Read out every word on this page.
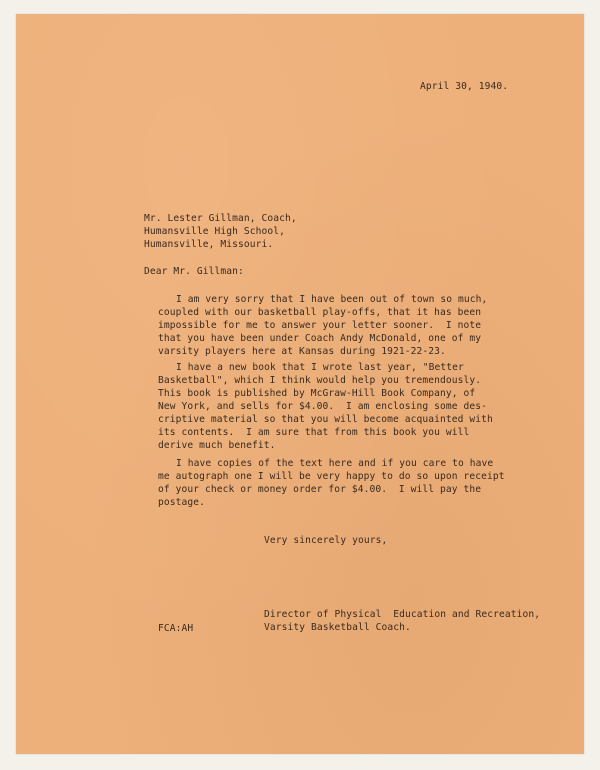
April 30, 1940.
Mr. Lester Gillman, Coach,
Humansville High School,
Humansville, Missouri.
Dear Mr. Gillman:
I am very sorry that I have been out of town so much,
coupled with our basketball play-offs, that it has been
impossible for me to answer your letter sooner.  I note
that you have been under Coach Andy McDonald, one of my
varsity players here at Kansas during 1921-22-23.
I have a new book that I wrote last year, "Better
Basketball", which I think would help you tremendously.
This book is published by McGraw-Hill Book Company, of
New York, and sells for $4.00.  I am enclosing some des-
criptive material so that you will become acquainted with
its contents.  I am sure that from this book you will
derive much benefit.
I have copies of the text here and if you care to have
me autograph one I will be very happy to do so upon receipt
of your check or money order for $4.00.  I will pay the
postage.
Very sincerely yours,
Director of Physical  Education and Recreation,
Varsity Basketball Coach.
FCA:AH
